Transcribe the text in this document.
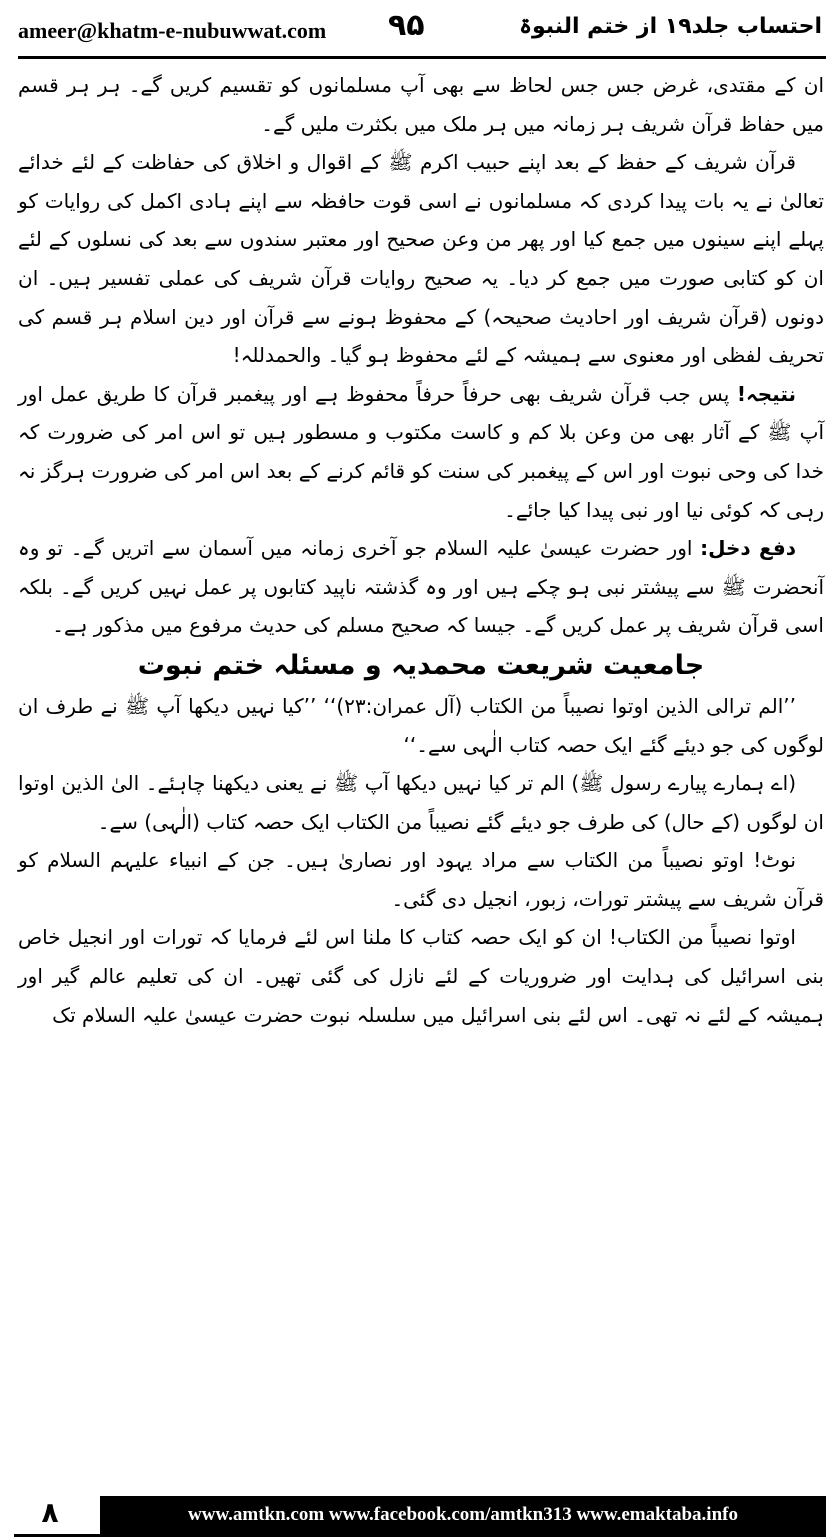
ameer@khatm-e-nubuwwat.com ۹۵	احتساب جلد۱۹ از ختم النبوۃ

ان کے مقتدی، غرض جس جس لحاظ سے بھی آپ مسلمانوں کو تقسیم کریں گے۔ ہر ہر قسم میں حفاظ قرآن شریف ہر زمانہ میں ہر ملک میں بکثرت ملیں گے۔

قرآن شریف کے حفظ کے بعد اپنے حبیب اکرم ﷺ کے اقوال و اخلاق کی حفاظت کے لئے خدائے تعالیٰ نے یہ بات پیدا کردی کہ مسلمانوں نے اسی قوت حافظہ سے اپنے ہادی اکمل کی روایات کو پہلے اپنے سینوں میں جمع کیا اور پھر من وعن صحیح اور معتبر سندوں سے بعد کی نسلوں کے لئے ان کو کتابی صورت میں جمع کر دیا۔ یہ صحیح روایات قرآن شریف کی عملی تفسیر ہیں۔ ان دونوں (قرآن شریف اور احادیث صحیحہ) کے محفوظ ہونے سے قرآن اور دین اسلام ہر قسم کی تحریف لفظی اور معنوی سے ہمیشہ کے لئے محفوظ ہو گیا۔ والحمدللہ!

نتیجہ! پس جب قرآن شریف بھی حرفاً حرفاً محفوظ ہے اور پیغمبر قرآن کا طریق عمل اور آپ ﷺ کے آثار بھی من وعن بلا کم و کاست مکتوب و مسطور ہیں تو اس امر کی ضرورت کہ خدا کی وحی نبوت اور اس کے پیغمبر کی سنت کو قائم کرنے کے بعد اس امر کی ضرورت ہرگز نہ رہی کہ کوئی نیا اور نبی پیدا کیا جائے۔

دفع دخل: اور حضرت عیسیٰ علیہ السلام جو آخری زمانہ میں آسمان سے اتریں گے۔ تو وہ آنحضرت ﷺ سے پیشتر نبی ہو چکے ہیں اور وہ گذشتہ ناپید کتابوں پر عمل نہیں کریں گے۔ بلکہ اسی قرآن شریف پر عمل کریں گے۔ جیسا کہ صحیح مسلم کی حدیث مرفوع میں مذکور ہے۔

جامعیت شریعت محمدیہ و مسئلہ ختم نبوت

’’الم ترالی الذین اوتوا نصیباً من الکتاب (آل عمران:۲۳)‘‘ ’’کیا نہیں دیکھا آپ ﷺ نے طرف ان لوگوں کی جو دیئے گئے ایک حصہ کتاب الٰہی سے۔‘‘

(اے ہمارے پیارے رسول ﷺ) الم تر کیا نہیں دیکھا آپ ﷺ نے یعنی دیکھنا چاہئے۔ الیٰ الذین اوتوا ان لوگوں (کے حال) کی طرف جو دیئے گئے نصیباً من الکتاب ایک حصہ کتاب (الٰہی) سے۔

نوٹ! اوتو نصیباً من الکتاب سے مراد یہود اور نصاریٰ ہیں۔ جن کے انبیاء علیہم السلام کو قرآن شریف سے پیشتر تورات، زبور، انجیل دی گئی۔

اوتوا نصیباً من الکتاب! ان کو ایک حصہ کتاب کا ملنا اس لئے فرمایا کہ تورات اور انجیل خاص بنی اسرائیل کی ہدایت اور ضروریات کے لئے نازل کی گئی تھیں۔ ان کی تعلیم عالم گیر اور ہمیشہ کے لئے نہ تھی۔ اس لئے بنی اسرائیل میں سلسلہ نبوت حضرت عیسیٰ علیہ السلام تک

۸	www.amtkn.com www.facebook.com/amtkn313 www.emaktaba.info
